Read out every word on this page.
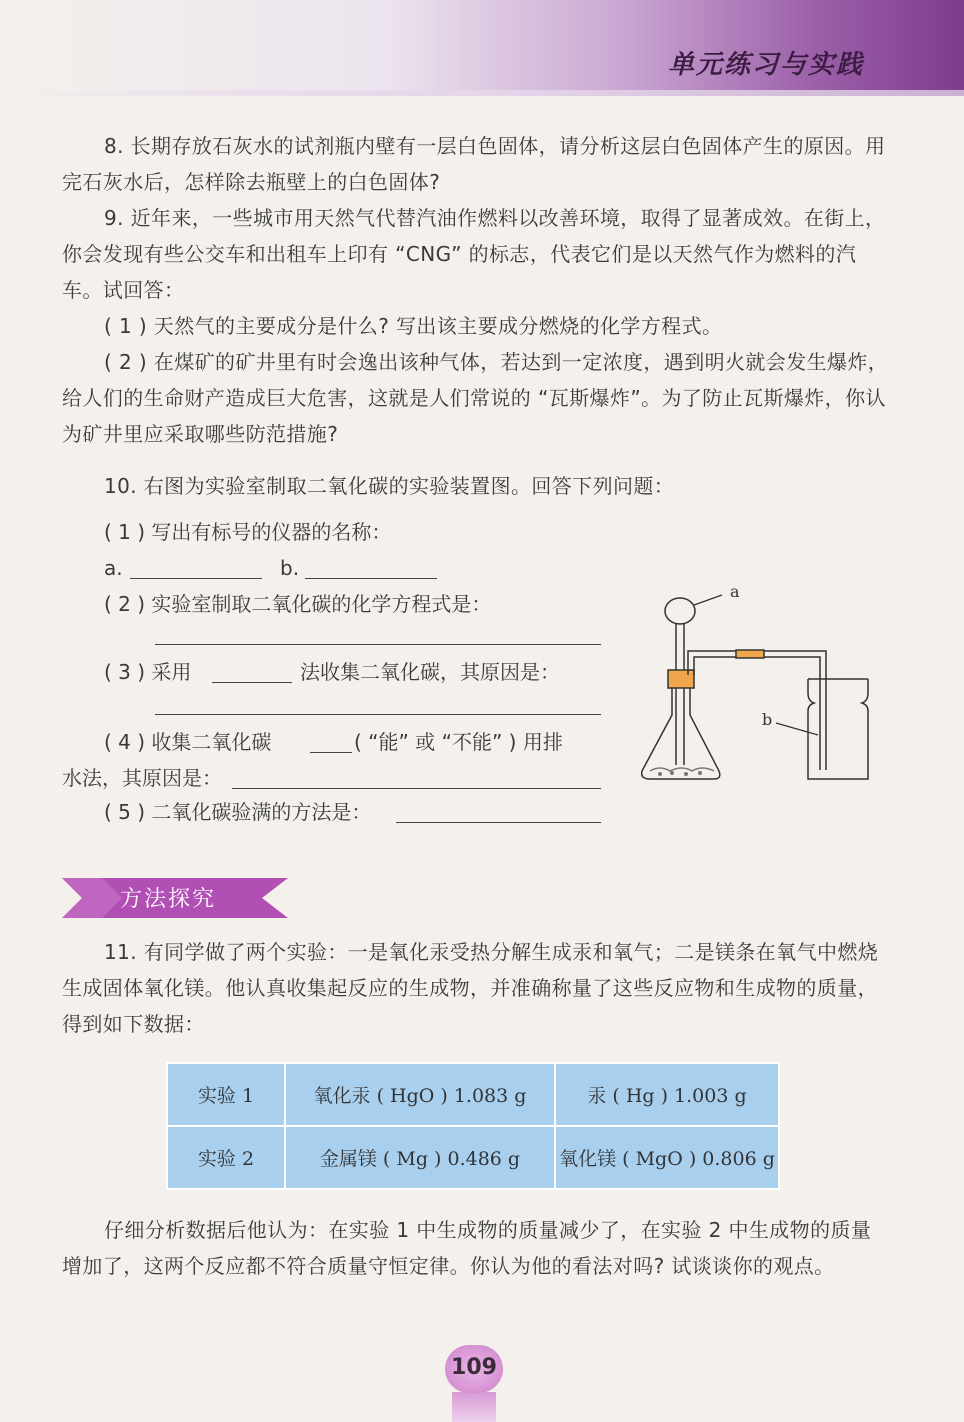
单元练习与实践

8. 长期存放石灰水的试剂瓶内壁有一层白色固体，请分析这层白色固体产生的原因。用完石灰水后，怎样除去瓶壁上的白色固体?

9. 近年来，一些城市用天然气代替汽油作燃料以改善环境，取得了显著成效。在街上，你会发现有些公交车和出租车上印有 “CNG” 的标志，代表它们是以天然气作为燃料的汽车。试回答：

( 1 ) 天然气的主要成分是什么? 写出该主要成分燃烧的化学方程式。

( 2 ) 在煤矿的矿井里有时会逸出该种气体，若达到一定浓度，遇到明火就会发生爆炸，给人们的生命财产造成巨大危害，这就是人们常说的 “瓦斯爆炸”。为了防止瓦斯爆炸，你认为矿井里应采取哪些防范措施?

10. 右图为实验室制取二氧化碳的实验装置图。回答下列问题：

( 1 ) 写出有标号的仪器的名称：
a.	b.
( 2 ) 实验室制取二氧化碳的化学方程式是：
( 3 ) 采用	法收集二氧化碳，其原因是：
( 4 ) 收集二氧化碳	( “能” 或 “不能” ) 用排
水法，其原因是：
( 5 ) 二氧化碳验满的方法是：
a
b
方法探究

11. 有同学做了两个实验：一是氧化汞受热分解生成汞和氧气；二是镁条在氧气中燃烧生成固体氧化镁。他认真收集起反应的生成物，并准确称量了这些反应物和生成物的质量，得到如下数据：

实验 1	氧化汞 ( HgO ) 1.083 g	汞 ( Hg ) 1.003 g
实验 2	金属镁 ( Mg ) 0.486 g	氧化镁 ( MgO ) 0.806 g

仔细分析数据后他认为：在实验 1 中生成物的质量减少了，在实验 2 中生成物的质量增加了，这两个反应都不符合质量守恒定律。你认为他的看法对吗? 试谈谈你的观点。

109
